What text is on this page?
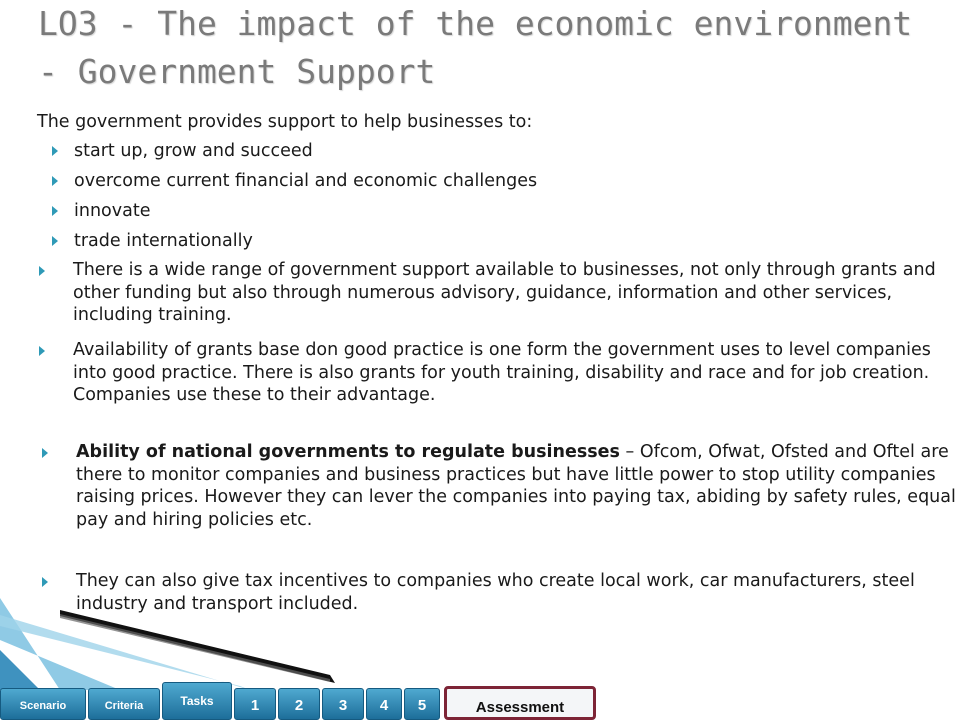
LO3 - The impact of the economic environment - Government Support

The government provides support to help businesses to:

start up, grow and succeed
overcome current financial and economic challenges
innovate
trade internationally

There is a wide range of government support available to businesses, not only through grants and other funding but also through numerous advisory, guidance, information and other services, including training.

Availability of grants base don good practice is one form the government uses to level companies into good practice. There is also grants for youth training, disability and race and for job creation. Companies use these to their advantage.

Ability of national governments to regulate businesses – Ofcom, Ofwat, Ofsted and Oftel are there to monitor companies and business practices but have little power to stop utility companies raising prices. However they can lever the companies into paying tax, abiding by safety rules, equal pay and hiring policies etc.

They can also give tax incentives to companies who create local work, car manufacturers, steel industry and transport included.

Scenario	Criteria	Tasks	1	2	3	4	5	Assessment
